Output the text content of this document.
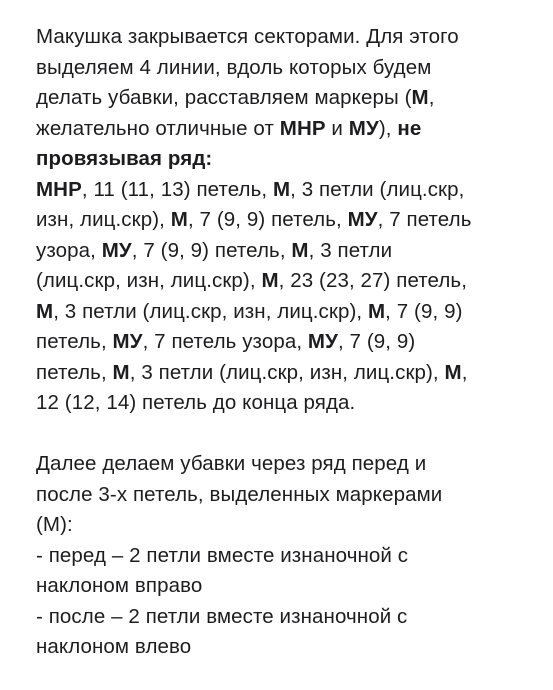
Макушка закрывается секторами. Для этого
выделяем 4 линии, вдоль которых будем
делать убавки, расставляем маркеры (М,
желательно отличные от МНР и МУ), не
провязывая ряд:
МНР, 11 (11, 13) петель, М, 3 петли (лиц.скр,
изн, лиц.скр), М, 7 (9, 9) петель, МУ, 7 петель
узора, МУ, 7 (9, 9) петель, М, 3 петли
(лиц.скр, изн, лиц.скр), М, 23 (23, 27) петель,
М, 3 петли (лиц.скр, изн, лиц.скр), М, 7 (9, 9)
петель, МУ, 7 петель узора, МУ, 7 (9, 9)
петель, М, 3 петли (лиц.скр, изн, лиц.скр), М,
12 (12, 14) петель до конца ряда.
Далее делаем убавки через ряд перед и
после 3-х петель, выделенных маркерами
(М):
- перед – 2 петли вместе изнаночной с
наклоном вправо
- после – 2 петли вместе изнаночной с
наклоном влево
